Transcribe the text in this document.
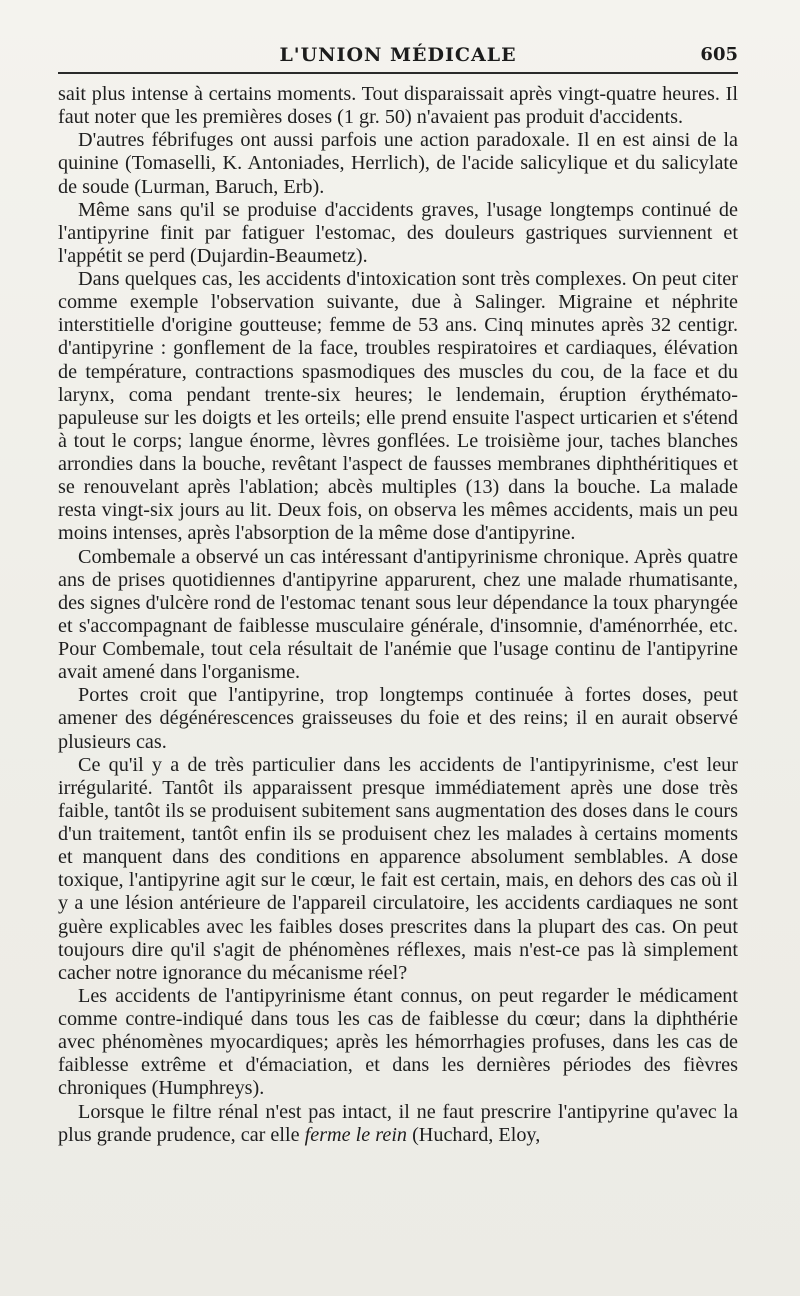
L'UNION MÉDICALE	605

sait plus intense à certains moments. Tout disparaissait après vingt-quatre heures. Il faut noter que les premières doses (1 gr. 50) n'avaient pas produit d'accidents.

D'autres fébrifuges ont aussi parfois une action paradoxale. Il en est ainsi de la quinine (Tomaselli, K. Antoniades, Herrlich), de l'acide salicylique et du salicylate de soude (Lurman, Baruch, Erb).

Même sans qu'il se produise d'accidents graves, l'usage longtemps continué de l'antipyrine finit par fatiguer l'estomac, des douleurs gastriques surviennent et l'appétit se perd (Dujardin-Beaumetz).

Dans quelques cas, les accidents d'intoxication sont très complexes. On peut citer comme exemple l'observation suivante, due à Salinger. Migraine et néphrite interstitielle d'origine goutteuse; femme de 53 ans. Cinq minutes après 32 centigr. d'antipyrine : gonflement de la face, troubles respiratoires et cardiaques, élévation de température, contractions spasmodiques des muscles du cou, de la face et du larynx, coma pendant trente-six heures; le lendemain, éruption érythémato-papuleuse sur les doigts et les orteils; elle prend ensuite l'aspect urticarien et s'étend à tout le corps; langue énorme, lèvres gonflées. Le troisième jour, taches blanches arrondies dans la bouche, revêtant l'aspect de fausses membranes diphthéritiques et se renouvelant après l'ablation; abcès multiples (13) dans la bouche. La malade resta vingt-six jours au lit. Deux fois, on observa les mêmes accidents, mais un peu moins intenses, après l'absorption de la même dose d'antipyrine.

Combemale a observé un cas intéressant d'antipyrinisme chronique. Après quatre ans de prises quotidiennes d'antipyrine apparurent, chez une malade rhumatisante, des signes d'ulcère rond de l'estomac tenant sous leur dépendance la toux pharyngée et s'accompagnant de faiblesse musculaire générale, d'insomnie, d'aménorrhée, etc. Pour Combemale, tout cela résultait de l'anémie que l'usage continu de l'antipyrine avait amené dans l'organisme.

Portes croit que l'antipyrine, trop longtemps continuée à fortes doses, peut amener des dégénérescences graisseuses du foie et des reins; il en aurait observé plusieurs cas.

Ce qu'il y a de très particulier dans les accidents de l'antipyrinisme, c'est leur irrégularité. Tantôt ils apparaissent presque immédiatement après une dose très faible, tantôt ils se produisent subitement sans augmentation des doses dans le cours d'un traitement, tantôt enfin ils se produisent chez les malades à certains moments et manquent dans des conditions en apparence absolument semblables. A dose toxique, l'antipyrine agit sur le cœur, le fait est certain, mais, en dehors des cas où il y a une lésion antérieure de l'appareil circulatoire, les accidents cardiaques ne sont guère explicables avec les faibles doses prescrites dans la plupart des cas. On peut toujours dire qu'il s'agit de phénomènes réflexes, mais n'est-ce pas là simplement cacher notre ignorance du mécanisme réel?

Les accidents de l'antipyrinisme étant connus, on peut regarder le médicament comme contre-indiqué dans tous les cas de faiblesse du cœur; dans la diphthérie avec phénomènes myocardiques; après les hémorrhagies profuses, dans les cas de faiblesse extrême et d'émaciation, et dans les dernières périodes des fièvres chroniques (Humphreys).

Lorsque le filtre rénal n'est pas intact, il ne faut prescrire l'antipyrine qu'avec la plus grande prudence, car elle ferme le rein (Huchard, Eloy,
